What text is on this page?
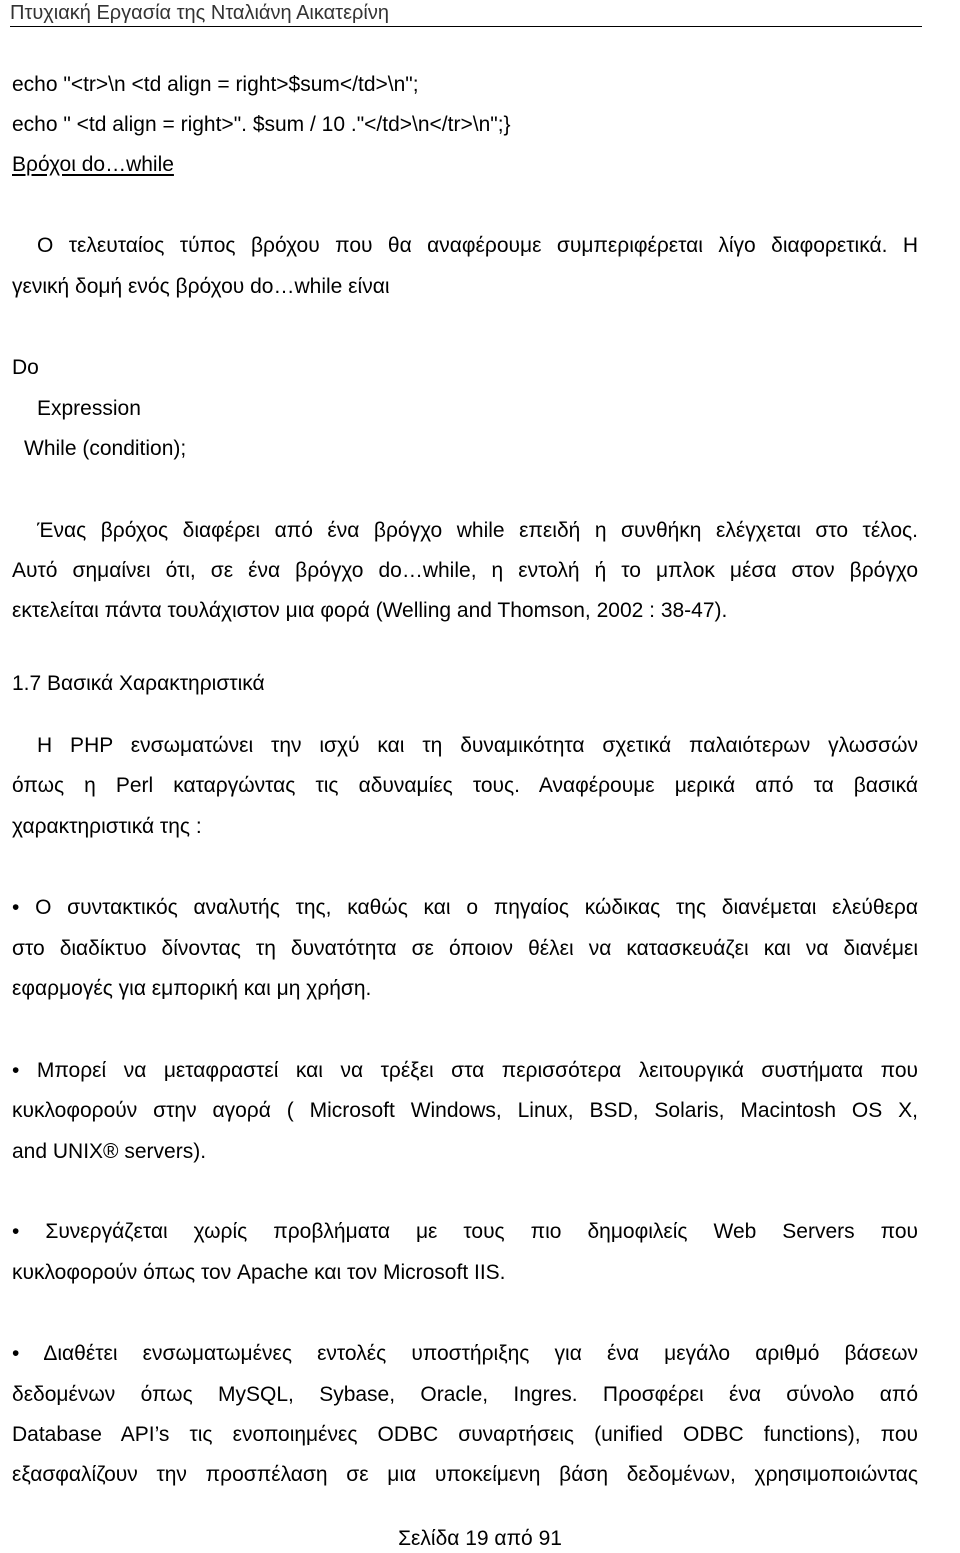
Πτυχιακή Εργασία της Νταλιάνη Αικατερίνη
echo "<tr>\n <td align = right>$sum</td>\n";
echo " <td align = right>". $sum / 10 ."</td>\n</tr>\n";}
Βρόχοι do…while
Ο τελευταίος τύπος βρόχου που θα αναφέρουμε συμπεριφέρεται λίγο διαφορετικά. Η
γενική δομή ενός βρόχου do…while είναι
Do
Expression
While (condition);
Ένας βρόχος διαφέρει από ένα βρόγχο while επειδή η συνθήκη ελέγχεται στο τέλος.
Αυτό σημαίνει ότι, σε ένα βρόγχο do…while, η εντολή ή το μπλοκ μέσα στον βρόγχο
εκτελείται πάντα τουλάχιστον μια φορά (Welling and Thomson, 2002 : 38-47).
1.7 Βασικά Χαρακτηριστικά
Η PHP ενσωματώνει την ισχύ και τη δυναμικότητα σχετικά παλαιότερων γλωσσών
όπως η Perl καταργώντας τις αδυναμίες τους. Αναφέρουμε μερικά από τα βασικά
χαρακτηριστικά της :
• Ο συντακτικός αναλυτής της, καθώς και ο πηγαίος κώδικας της διανέμεται ελεύθερα
στο διαδίκτυο δίνοντας τη δυνατότητα σε όποιον θέλει να κατασκευάζει και να διανέμει
εφαρμογές για εμπορική και μη χρήση.
• Μπορεί να μεταφραστεί και να τρέξει στα περισσότερα λειτουργικά συστήματα που
κυκλοφορούν στην αγορά ( Microsoft Windows, Linux, BSD, Solaris, Macintosh OS X,
and UNIX® servers).
• Συνεργάζεται χωρίς προβλήματα με τους πιο δημοφιλείς Web Servers που
κυκλοφορούν όπως τον Apache και τον Microsoft IIS.
• Διαθέτει ενσωματωμένες εντολές υποστήριξης για ένα μεγάλο αριθμό βάσεων
δεδομένων όπως MySQL, Sybase, Oracle, Ingres. Προσφέρει ένα σύνολο από
Database API’s τις ενοποιημένες ODBC συναρτήσεις (unified ODBC functions), που
εξασφαλίζουν την προσπέλαση σε μια υποκείμενη βάση δεδομένων, χρησιμοποιώντας
Σελίδα 19 από 91
